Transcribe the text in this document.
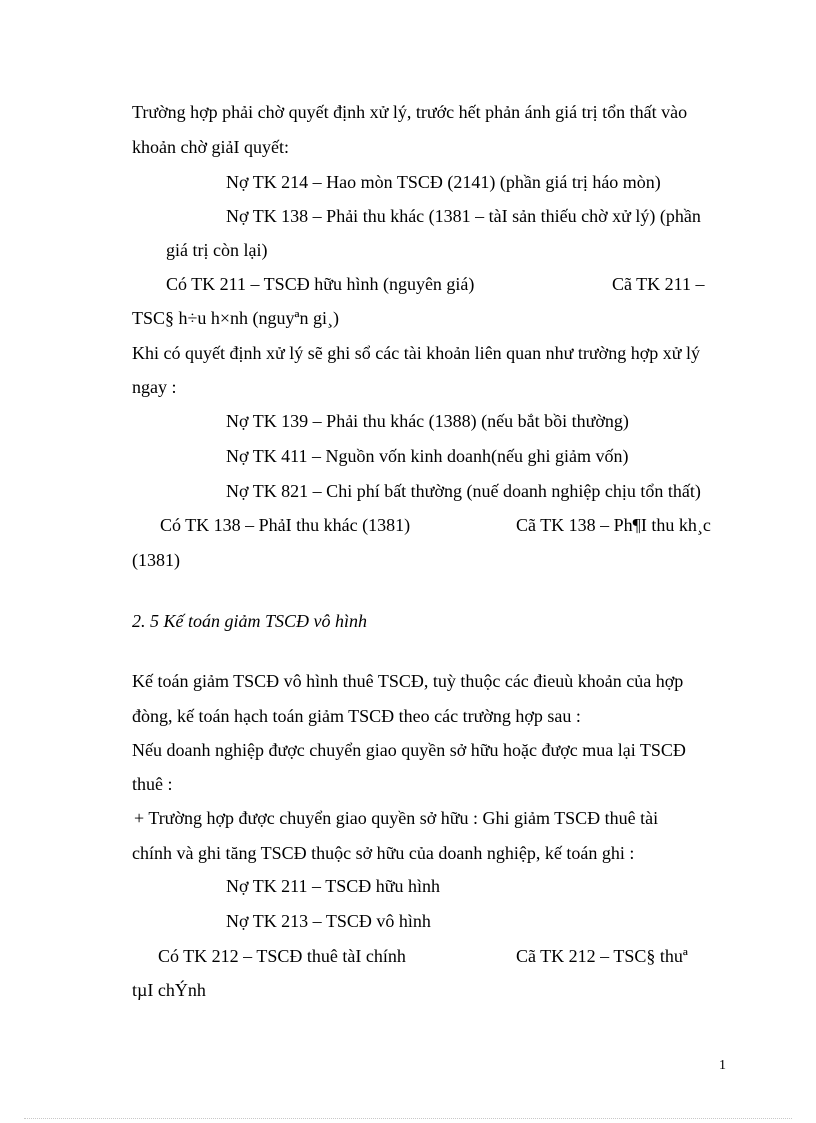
Trường hợp phải chờ quyết định xử lý, trước hết phản ánh giá trị tổn thất vào
khoản chờ giảI quyết:
Nợ TK 214 – Hao mòn TSCĐ (2141) (phần giá trị háo mòn)
Nợ TK 138 – Phải thu khác (1381 – tàI sản thiếu chờ xử lý) (phần
giá trị còn lại)
Có TK 211 – TSCĐ hữu hình (nguyên giá)	Cã TK 211 –
TSC§ h÷u h×nh (nguyªn gi¸)
Khi có quyết định xử lý sẽ ghi sổ các tài khoản liên quan như trường hợp xử lý
ngay :
Nợ TK 139 – Phải thu khác (1388) (nếu bắt bồi thường)
Nợ TK 411 – Nguồn vốn kinh doanh(nếu ghi giảm vốn)
Nợ TK 821 – Chi phí bất thường (nuế doanh nghiệp chịu tổn thất)
Có TK 138 – PhảI thu khác (1381)	Cã TK 138 – Ph¶I thu kh¸c
(1381)
2. 5 Kế toán giảm TSCĐ vô hình
Kế toán giảm TSCĐ vô hình thuê TSCĐ, tuỳ thuộc các đieuù khoản của hợp
đòng, kế toán hạch toán giảm TSCĐ theo các trường hợp sau :
Nếu doanh nghiệp được chuyển giao quyền sở hữu hoặc được mua lại TSCĐ
thuê :
+ Trường hợp được chuyển giao quyền sở hữu : Ghi giảm TSCĐ thuê tài
chính và ghi tăng TSCĐ thuộc sở hữu của doanh nghiệp, kế toán ghi :
Nợ TK 211 – TSCĐ hữu hình
Nợ TK 213 – TSCĐ vô hình
Có TK 212 – TSCĐ thuê tàI chính	Cã TK 212 – TSC§ thuª
tµI chÝnh
1
